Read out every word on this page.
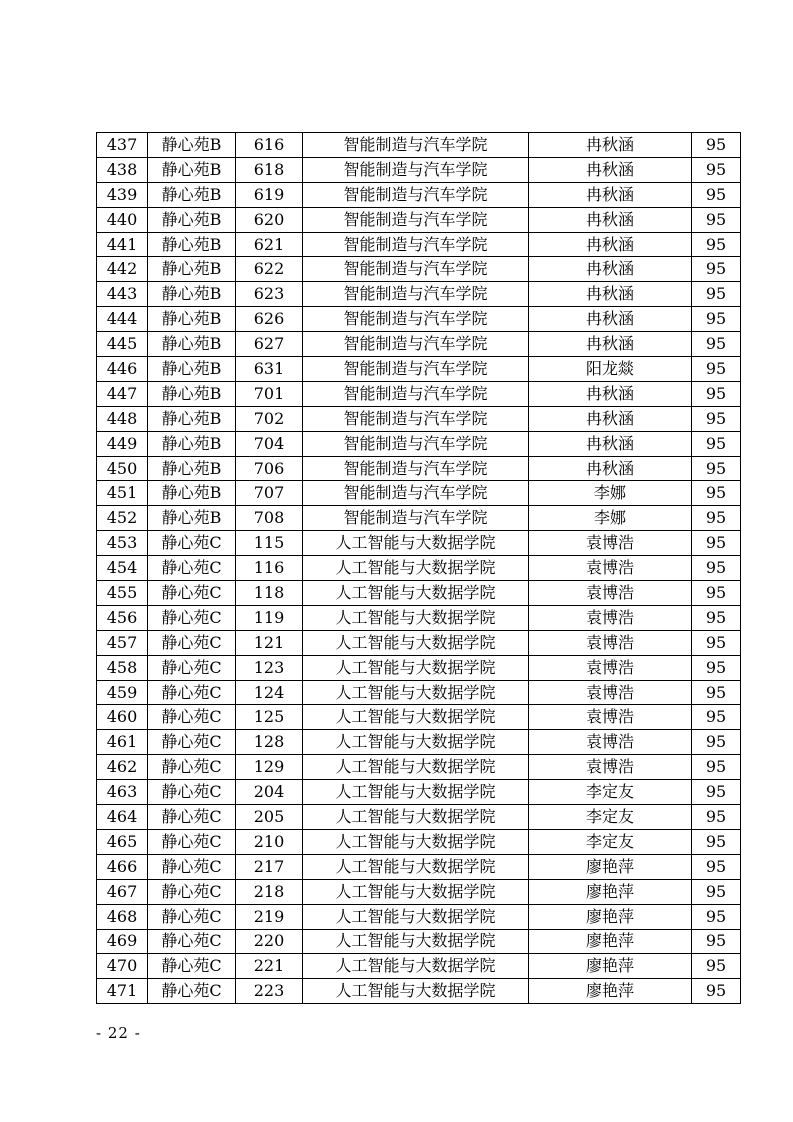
437	静心苑B	616	智能制造与汽车学院	冉秋涵	95
438	静心苑B	618	智能制造与汽车学院	冉秋涵	95
439	静心苑B	619	智能制造与汽车学院	冉秋涵	95
440	静心苑B	620	智能制造与汽车学院	冉秋涵	95
441	静心苑B	621	智能制造与汽车学院	冉秋涵	95
442	静心苑B	622	智能制造与汽车学院	冉秋涵	95
443	静心苑B	623	智能制造与汽车学院	冉秋涵	95
444	静心苑B	626	智能制造与汽车学院	冉秋涵	95
445	静心苑B	627	智能制造与汽车学院	冉秋涵	95
446	静心苑B	631	智能制造与汽车学院	阳龙燚	95
447	静心苑B	701	智能制造与汽车学院	冉秋涵	95
448	静心苑B	702	智能制造与汽车学院	冉秋涵	95
449	静心苑B	704	智能制造与汽车学院	冉秋涵	95
450	静心苑B	706	智能制造与汽车学院	冉秋涵	95
451	静心苑B	707	智能制造与汽车学院	李娜	95
452	静心苑B	708	智能制造与汽车学院	李娜	95
453	静心苑C	115	人工智能与大数据学院	袁博浩	95
454	静心苑C	116	人工智能与大数据学院	袁博浩	95
455	静心苑C	118	人工智能与大数据学院	袁博浩	95
456	静心苑C	119	人工智能与大数据学院	袁博浩	95
457	静心苑C	121	人工智能与大数据学院	袁博浩	95
458	静心苑C	123	人工智能与大数据学院	袁博浩	95
459	静心苑C	124	人工智能与大数据学院	袁博浩	95
460	静心苑C	125	人工智能与大数据学院	袁博浩	95
461	静心苑C	128	人工智能与大数据学院	袁博浩	95
462	静心苑C	129	人工智能与大数据学院	袁博浩	95
463	静心苑C	204	人工智能与大数据学院	李定友	95
464	静心苑C	205	人工智能与大数据学院	李定友	95
465	静心苑C	210	人工智能与大数据学院	李定友	95
466	静心苑C	217	人工智能与大数据学院	廖艳萍	95
467	静心苑C	218	人工智能与大数据学院	廖艳萍	95
468	静心苑C	219	人工智能与大数据学院	廖艳萍	95
469	静心苑C	220	人工智能与大数据学院	廖艳萍	95
470	静心苑C	221	人工智能与大数据学院	廖艳萍	95
471	静心苑C	223	人工智能与大数据学院	廖艳萍	95
- 22 -
